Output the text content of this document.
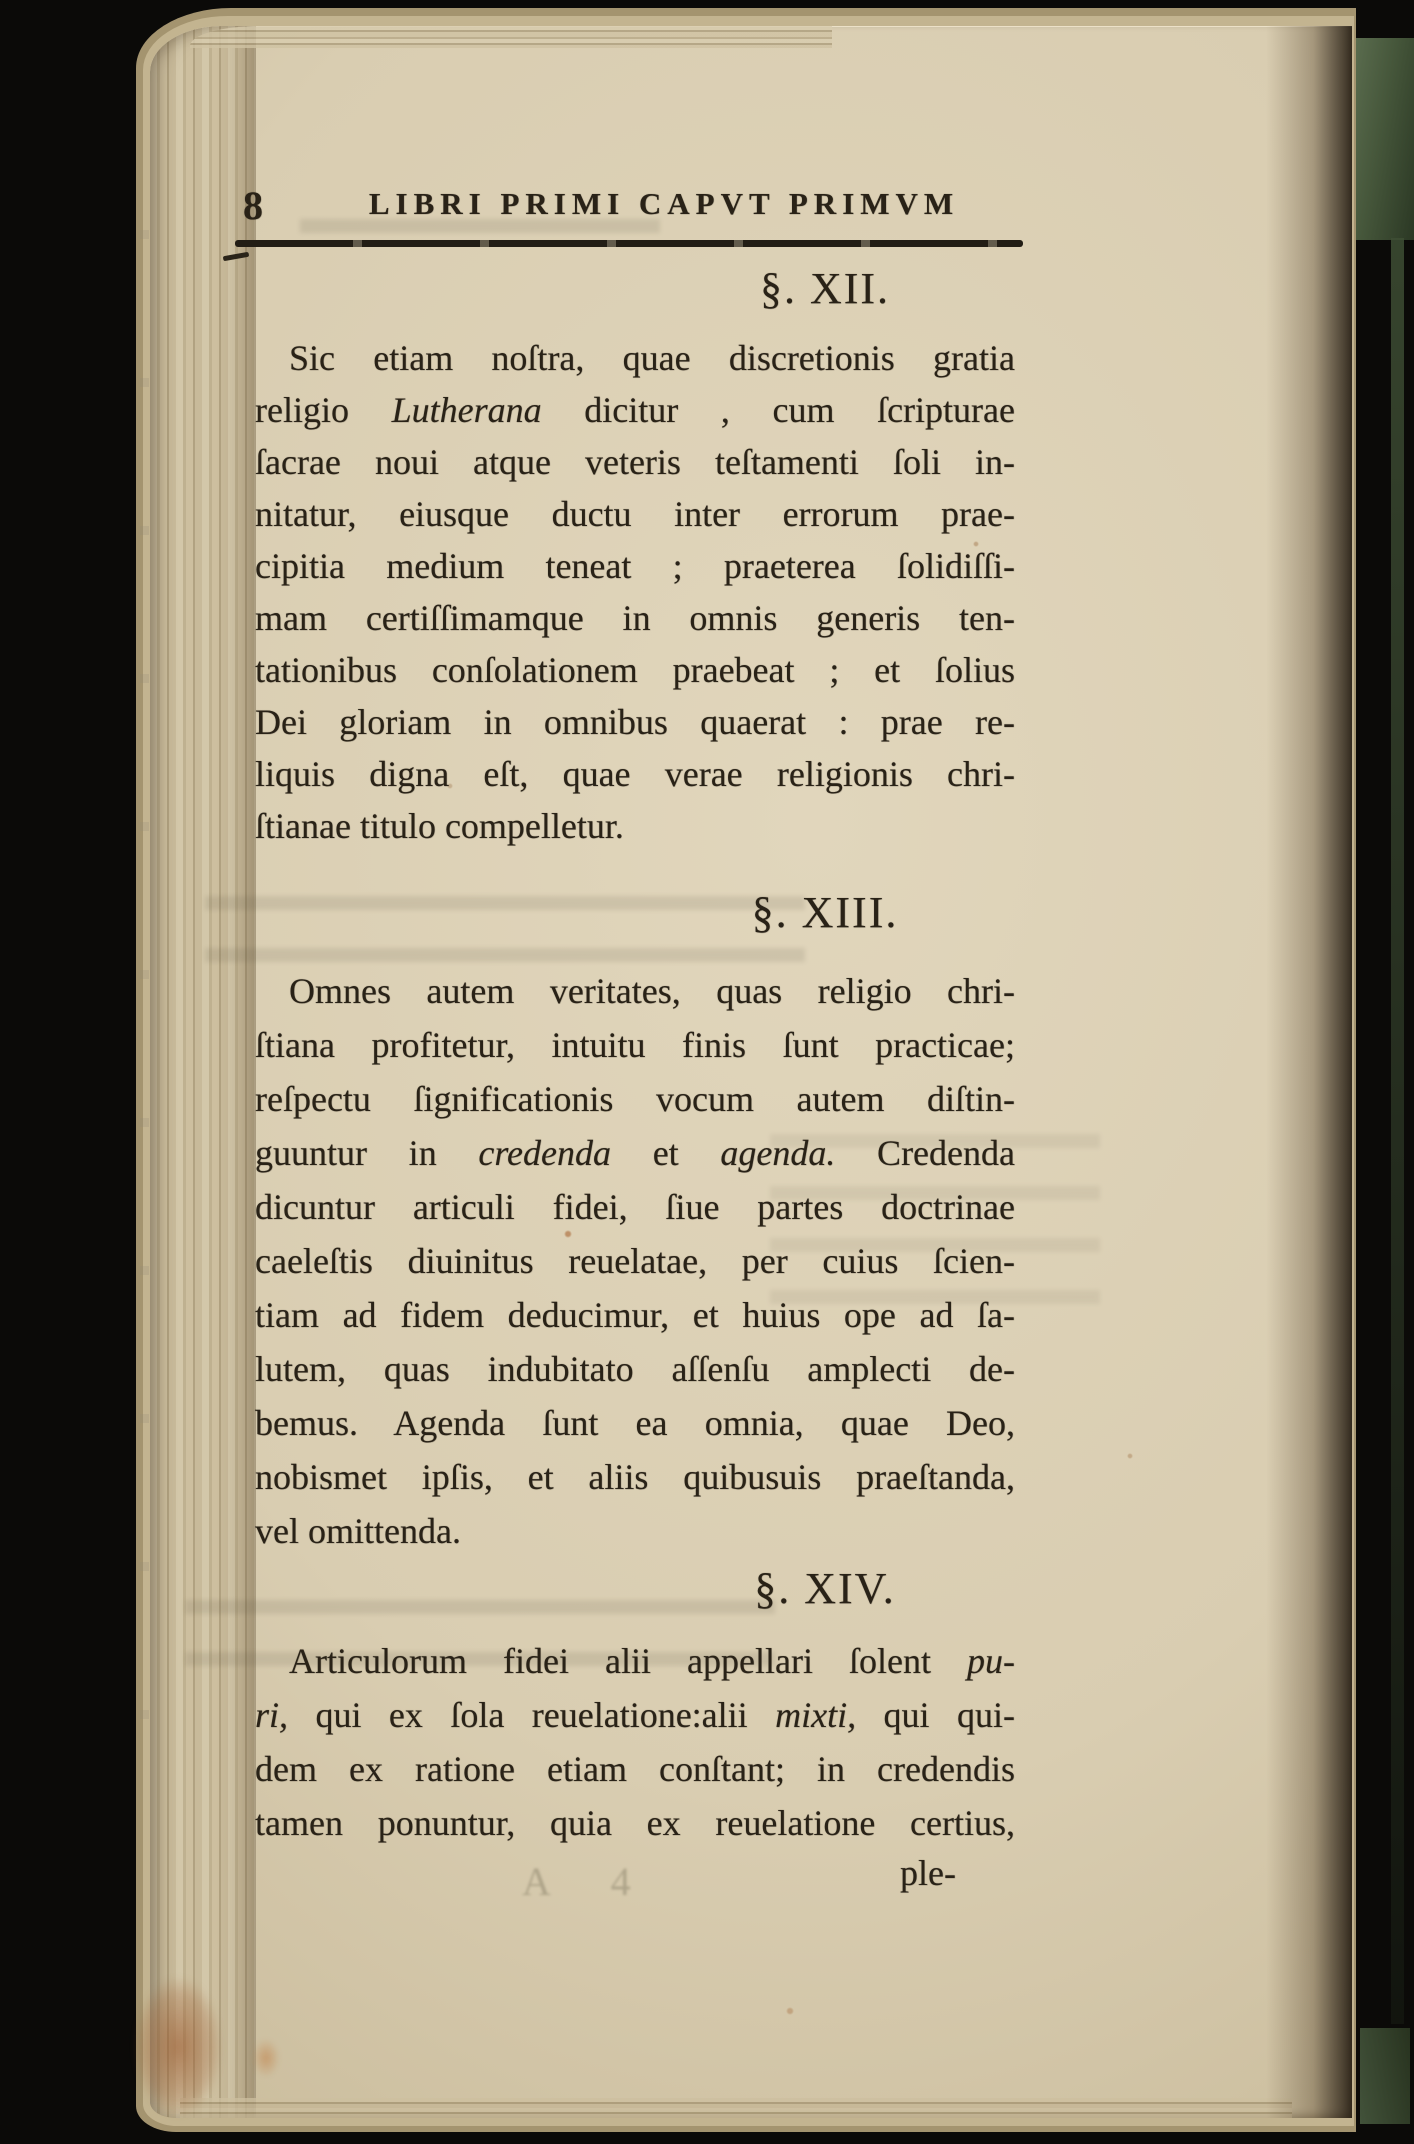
A 4
8	LIBRI PRIMI CAPVT PRIMVM
§. XII.
Sic etiam noſtra, quae discretionis gratia
religio Lutherana dicitur , cum ſcripturae
ſacrae noui atque veteris teſtamenti ſoli in-
nitatur, eiusque ductu inter errorum prae-
cipitia medium teneat ; praeterea ſolidiſſi-
mam certiſſimamque in omnis generis ten-
tationibus conſolationem praebeat ; et ſolius
Dei gloriam in omnibus quaerat : prae re-
liquis digna eſt, quae verae religionis chri-
ſtianae titulo compelletur.
§. XIII.
Omnes autem veritates, quas religio chri-
ſtiana profitetur, intuitu finis ſunt practicae;
reſpectu ſignificationis vocum autem diſtin-
guuntur in credenda et agenda. Credenda
dicuntur articuli fidei, ſiue partes doctrinae
caeleſtis diuinitus reuelatae, per cuius ſcien-
tiam ad fidem deducimur, et huius ope ad ſa-
lutem, quas indubitato aſſenſu amplecti de-
bemus. Agenda ſunt ea omnia, quae Deo,
nobismet ipſis, et aliis quibusuis praeſtanda,
vel omittenda.
§. XIV.
Articulorum fidei alii appellari ſolent pu-
ri, qui ex ſola reuelatione:alii mixti, qui qui-
dem ex ratione etiam conſtant; in credendis
tamen ponuntur, quia ex reuelatione certius,
ple-
